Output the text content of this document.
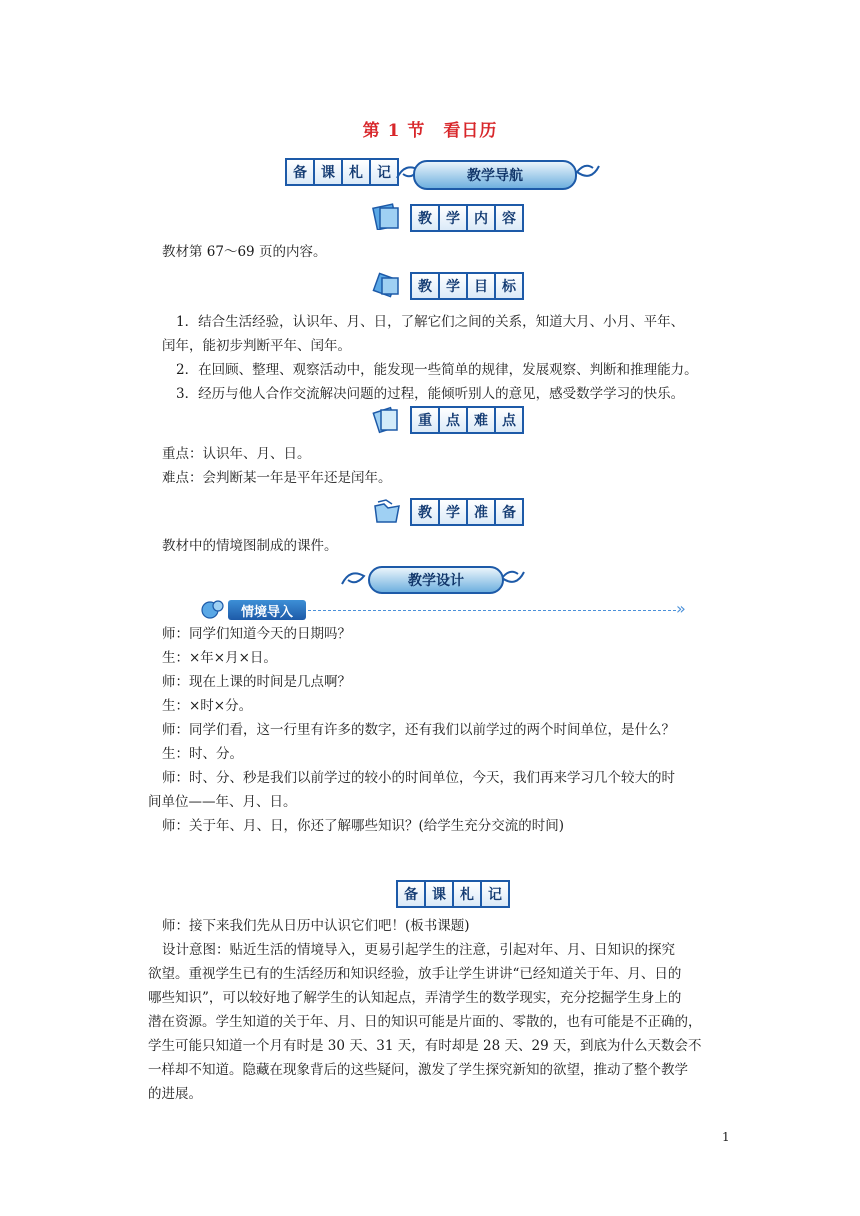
第 1 节　看日历
备	课	札	记	教学导航
教	学	内	容
教材第 67～69 页的内容。
教	学	目	标
1．结合生活经验，认识年、月、日，了解它们之间的关系，知道大月、小月、平年、
闰年，能初步判断平年、闰年。
2．在回顾、整理、观察活动中，能发现一些简单的规律，发展观察、判断和推理能力。
3．经历与他人合作交流解决问题的过程，能倾听别人的意见，感受数学学习的快乐。
重	点	难	点
重点：认识年、月、日。
难点：会判断某一年是平年还是闰年。
教	学	准	备
教材中的情境图制成的课件。
教学设计
情境导入	»
师：同学们知道今天的日期吗？
生：×年×月×日。
师：现在上课的时间是几点啊？
生：×时×分。
师：同学们看，这一行里有许多的数字，还有我们以前学过的两个时间单位，是什么？
生：时、分。
师：时、分、秒是我们以前学过的较小的时间单位，今天，我们再来学习几个较大的时
间单位——年、月、日。
师：关于年、月、日，你还了解哪些知识？(给学生充分交流的时间)
备	课	札	记
师：接下来我们先从日历中认识它们吧！(板书课题)
设计意图：贴近生活的情境导入，更易引起学生的注意，引起对年、月、日知识的探究
欲望。重视学生已有的生活经历和知识经验，放手让学生讲讲“已经知道关于年、月、日的
哪些知识”，可以较好地了解学生的认知起点，弄清学生的数学现实，充分挖掘学生身上的
潜在资源。学生知道的关于年、月、日的知识可能是片面的、零散的，也有可能是不正确的，
学生可能只知道一个月有时是 30 天、31 天，有时却是 28 天、29 天，到底为什么天数会不
一样却不知道。隐藏在现象背后的这些疑问，激发了学生探究新知的欲望，推动了整个教学
的进展。
1
